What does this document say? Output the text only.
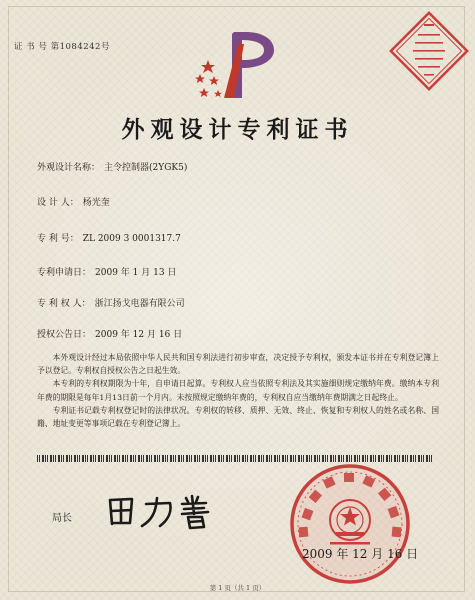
证 书 号 第1084242号
外观设计专利证书
外观设计名称： 主令控制器(2YGK5)
设 计 人： 杨光奎
专 利 号： ZL 2009 3 0001317.7
专利申请日： 2009 年 1 月 13 日
专 利 权 人： 浙江扬戈电器有限公司
授权公告日： 2009 年 12 月 16 日

本外观设计经过本局依照中华人民共和国专利法进行初步审查，决定授予专利权，颁发本证书并在专利登记簿上予以登记。专利权自授权公告之日起生效。

本专利的专利权期限为十年，自申请日起算。专利权人应当依照专利法及其实施细则规定缴纳年费。缴纳本专利年费的期限是每年1月13日前一个月内。未按照规定缴纳年费的，专利权自应当缴纳年费期满之日起终止。

专利证书记载专利权登记时的法律状况。专利权的转移、质押、无效、终止、恢复和专利权人的姓名或名称、国籍、地址变更等事项记载在专利登记簿上。

局长
2009 年 12 月 16 日
第 1 页（共 1 页）
